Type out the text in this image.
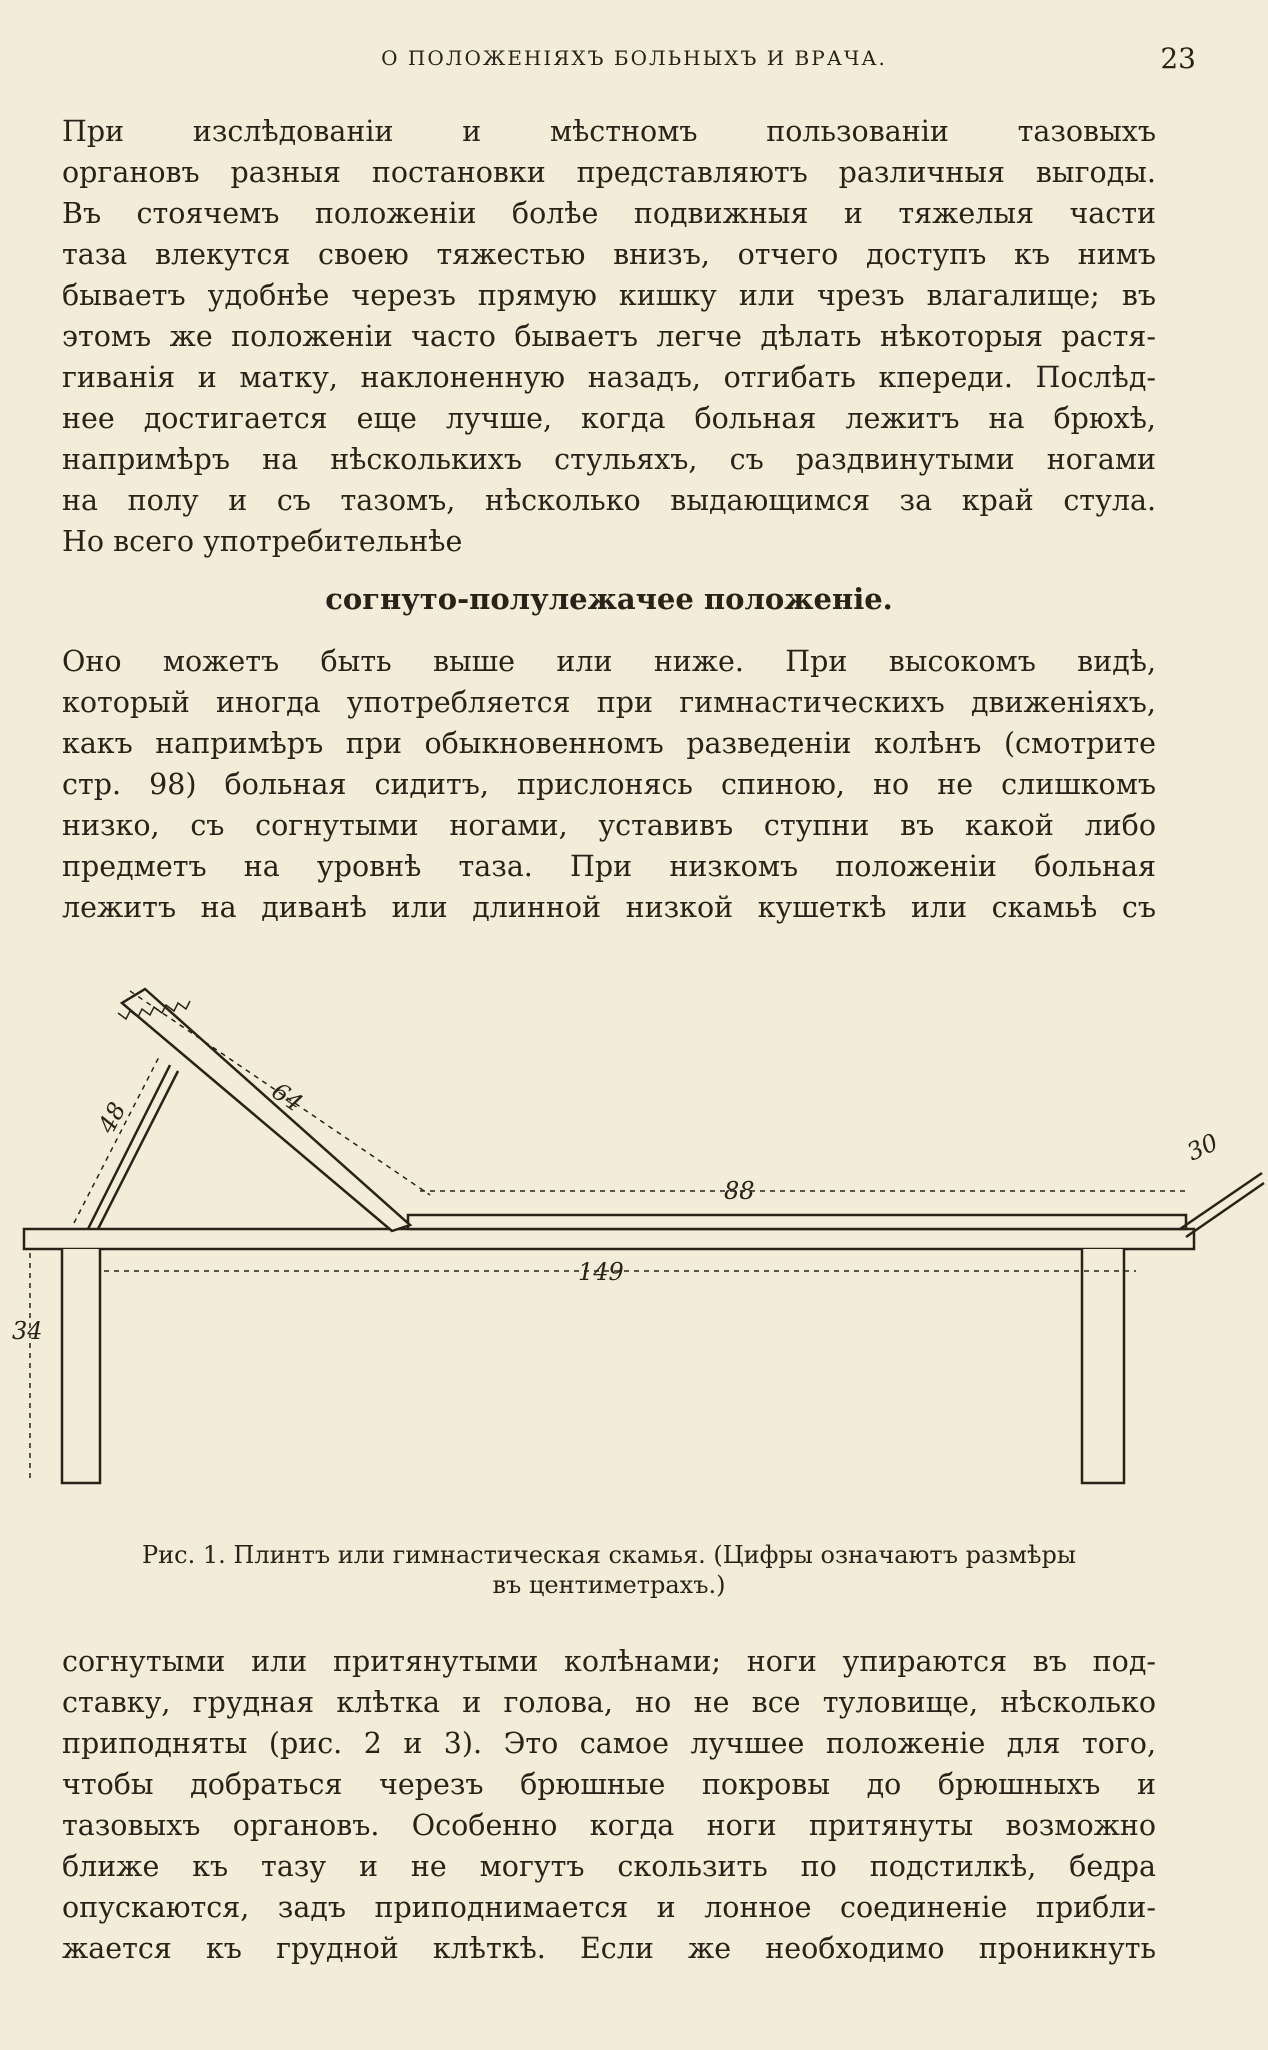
О ПОЛОЖЕНІЯХЪ БОЛЬНЫХЪ И ВРАЧА.	23

При изслѣдованіи и мѣстномъ пользованіи тазовыхъ

органовъ разныя постановки представляютъ различныя выгоды.

Въ стоячемъ положеніи болѣе подвижныя и тяжелыя части

таза влекутся своею тяжестью внизъ, отчего доступъ къ нимъ

бываетъ удобнѣе черезъ прямую кишку или чрезъ влагалище; въ

этомъ же положеніи часто бываетъ легче дѣлать нѣкоторыя растя-

гиванія и матку, наклоненную назадъ, отгибать кпереди. Послѣд-

нее достигается еще лучше, когда больная лежитъ на брюхѣ,

напримѣръ на нѣсколькихъ стульяхъ, съ раздвинутыми ногами

на полу и съ тазомъ, нѣсколько выдающимся за край стула.

Но всего употребительнѣе

согнуто-полулежачее положеніе.

Оно можетъ быть выше или ниже. При высокомъ видѣ,

который иногда употребляется при гимнастическихъ движеніяхъ,

какъ напримѣръ при обыкновенномъ разведеніи колѣнъ (смотрите

стр. 98) больная сидитъ, прислонясь спиною, но не слишкомъ

низко, съ согнутыми ногами, уставивъ ступни въ какой либо

предметъ на уровнѣ таза. При низкомъ положеніи больная

лежитъ на диванѣ или длинной низкой кушеткѣ или скамьѣ съ

64
48
88
30
149
34
Рис. 1. Плинтъ или гимнастическая скамья. (Цифры означаютъ размѣры
въ центиметрахъ.)

согнутыми или притянутыми колѣнами; ноги упираются въ под-

ставку, грудная клѣтка и голова, но не все туловище, нѣсколько

приподняты (рис. 2 и 3). Это самое лучшее положеніе для того,

чтобы добраться черезъ брюшные покровы до брюшныхъ и

тазовыхъ органовъ. Особенно когда ноги притянуты возможно

ближе къ тазу и не могутъ скользить по подстилкѣ, бедра

опускаются, задъ приподнимается и лонное соединеніе прибли-

жается къ грудной клѣткѣ. Если же необходимо проникнуть
